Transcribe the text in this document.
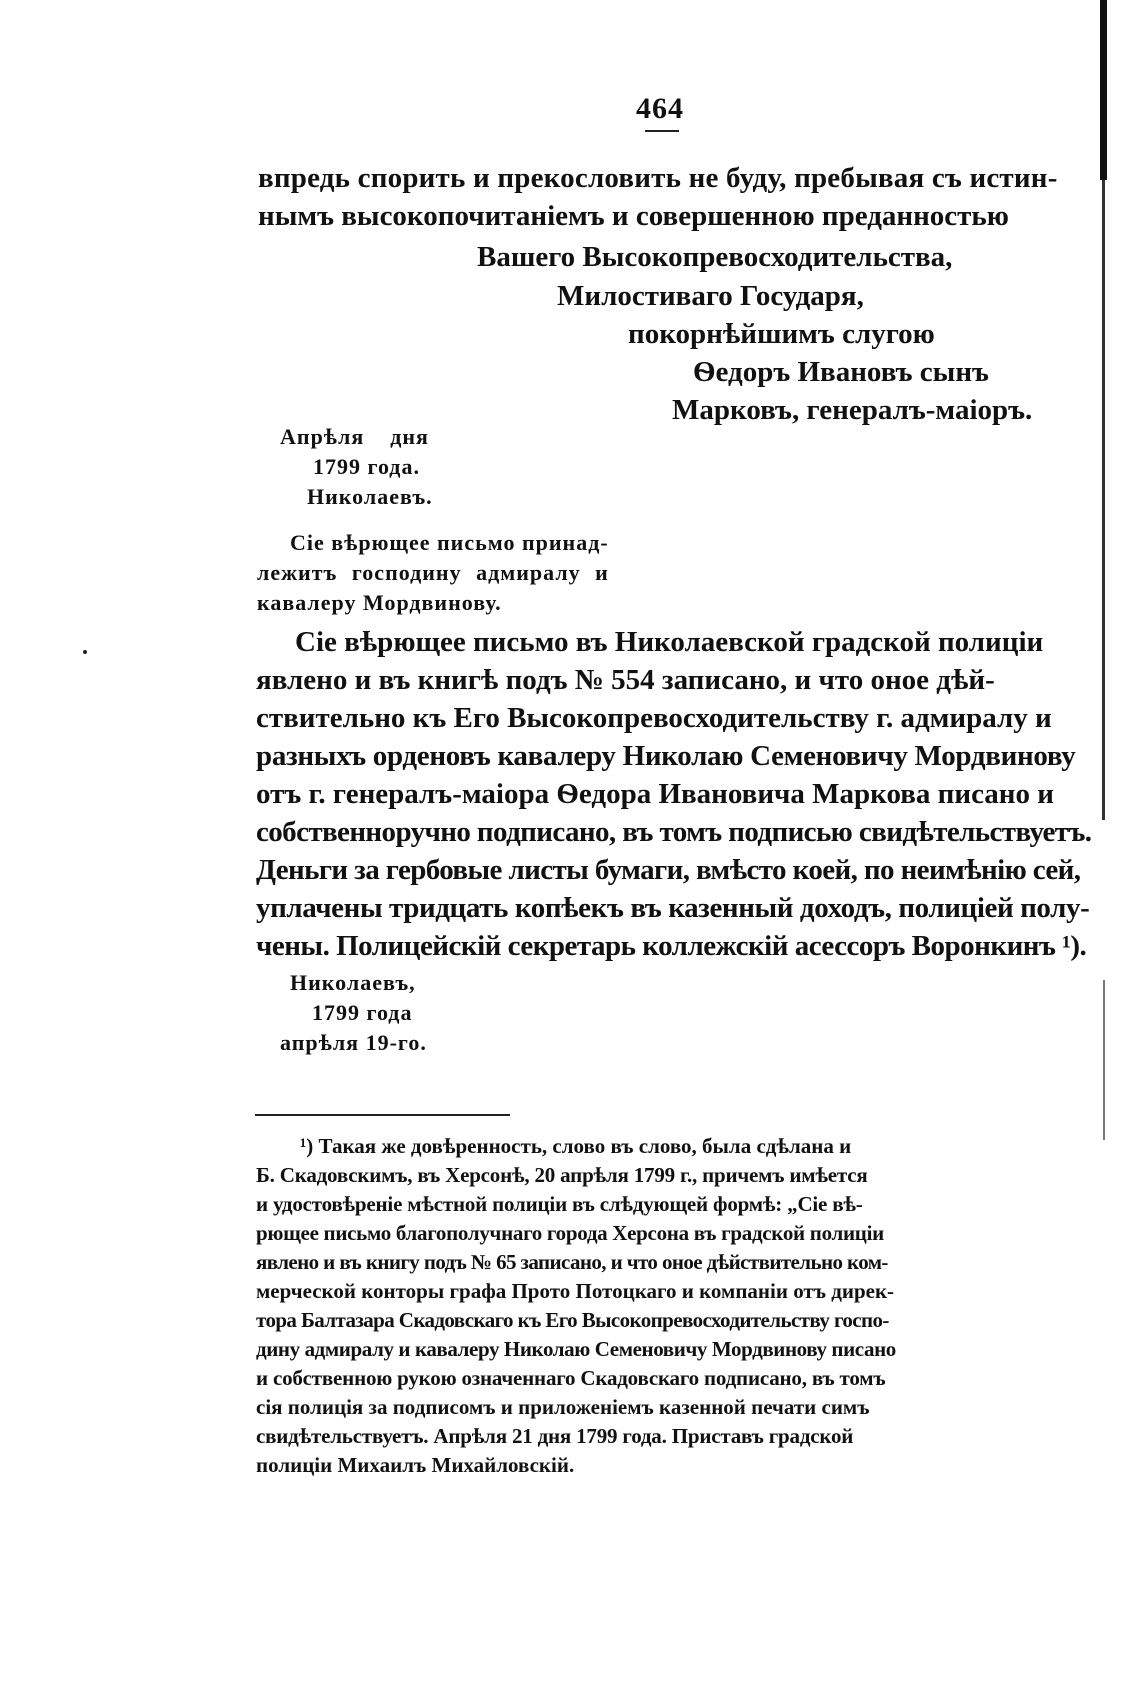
464
впредь спорить и прекословить не буду, пребывая съ истин-
нымъ высокопочитаніемъ и совершенною преданностью
Вашего Высокопревосходительства,
Милостиваго Государя,
покорнѣйшимъ слугою
Ѳедоръ Ивановъ сынъ
Марковъ, генералъ-маіоръ.
Апрѣля    дня
1799 года.
Николаевъ.
Сіе вѣрющее письмо принад-
лежитъ господину адмиралу и
кавалеру Мордвинову.
Сіе вѣрющее письмо въ Николаевской градской полиціи
явлено и въ книгѣ подъ № 554 записано, и что оное дѣй-
ствительно къ Его Высокопревосходительству г. адмиралу и
разныхъ орденовъ кавалеру Николаю Семеновичу Мордвинову
отъ г. генералъ-маіора Ѳедора Ивановича Маркова писано и
собственноручно подписано, въ томъ подписью свидѣтельствуетъ.
Деньги за гербовые листы бумаги, вмѣсто коей, по неимѣнію сей,
уплачены тридцать копѣекъ въ казенный доходъ, полиціей полу-
чены. Полицейскій секретарь коллежскій асессоръ Воронкинъ ¹).
Николаевъ,
1799 года
апрѣля 19-го.
¹) Такая же довѣренность, слово въ слово, была сдѣлана и
Б. Скадовскимъ, въ Херсонѣ, 20 апрѣля 1799 г., причемъ имѣется
и удостовѣреніе мѣстной полиціи въ слѣдующей формѣ: „Сіе вѣ-
рющее письмо благополучнаго города Херсона въ градской полиціи
явлено и въ книгу подъ № 65 записано, и что оное дѣйствительно ком-
мерческой конторы графа Прото Потоцкаго и компаніи отъ дирек-
тора Балтазара Скадовскаго къ Его Высокопревосходительству госпо-
дину адмиралу и кавалеру Николаю Семеновичу Мордвинову писано
и собственною рукою означеннаго Скадовскаго подписано, въ томъ
сія полиція за подписомъ и приложеніемъ казенной печати симъ
свидѣтельствуетъ. Апрѣля 21 дня 1799 года. Приставъ градской
полиціи Михаилъ Михайловскій.
